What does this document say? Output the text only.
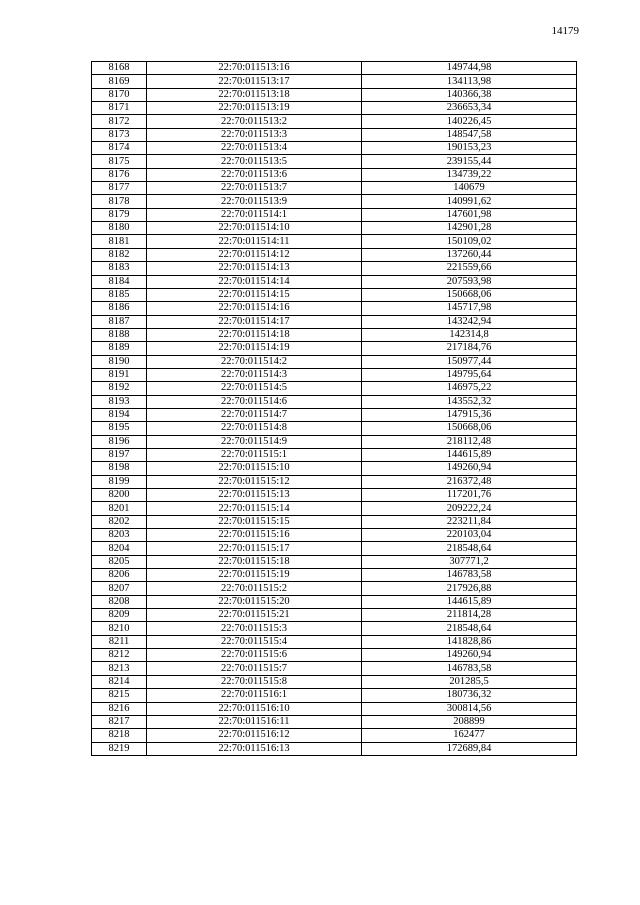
14179
8168	22:70:011513:16	149744,98
8169	22:70:011513:17	134113,98
8170	22:70:011513:18	140366,38
8171	22:70:011513:19	236653,34
8172	22:70:011513:2	140226,45
8173	22:70:011513:3	148547,58
8174	22:70:011513:4	190153,23
8175	22:70:011513:5	239155,44
8176	22:70:011513:6	134739,22
8177	22:70:011513:7	140679
8178	22:70:011513:9	140991,62
8179	22:70:011514:1	147601,98
8180	22:70:011514:10	142901,28
8181	22:70:011514:11	150109,02
8182	22:70:011514:12	137260,44
8183	22:70:011514:13	221559,66
8184	22:70:011514:14	207593,98
8185	22:70:011514:15	150668,06
8186	22:70:011514:16	145717,98
8187	22:70:011514:17	143242,94
8188	22:70:011514:18	142314,8
8189	22:70:011514:19	217184,76
8190	22:70:011514:2	150977,44
8191	22:70:011514:3	149795,64
8192	22:70:011514:5	146975,22
8193	22:70:011514:6	143552,32
8194	22:70:011514:7	147915,36
8195	22:70:011514:8	150668,06
8196	22:70:011514:9	218112,48
8197	22:70:011515:1	144615,89
8198	22:70:011515:10	149260,94
8199	22:70:011515:12	216372,48
8200	22:70:011515:13	117201,76
8201	22:70:011515:14	209222,24
8202	22:70:011515:15	223211,84
8203	22:70:011515:16	220103,04
8204	22:70:011515:17	218548,64
8205	22:70:011515:18	307771,2
8206	22:70:011515:19	146783,58
8207	22:70:011515:2	217926,88
8208	22:70:011515:20	144615,89
8209	22:70:011515:21	211814,28
8210	22:70:011515:3	218548,64
8211	22:70:011515:4	141828,86
8212	22:70:011515:6	149260,94
8213	22:70:011515:7	146783,58
8214	22:70:011515:8	201285,5
8215	22:70:011516:1	180736,32
8216	22:70:011516:10	300814,56
8217	22:70:011516:11	208899
8218	22:70:011516:12	162477
8219	22:70:011516:13	172689,84
